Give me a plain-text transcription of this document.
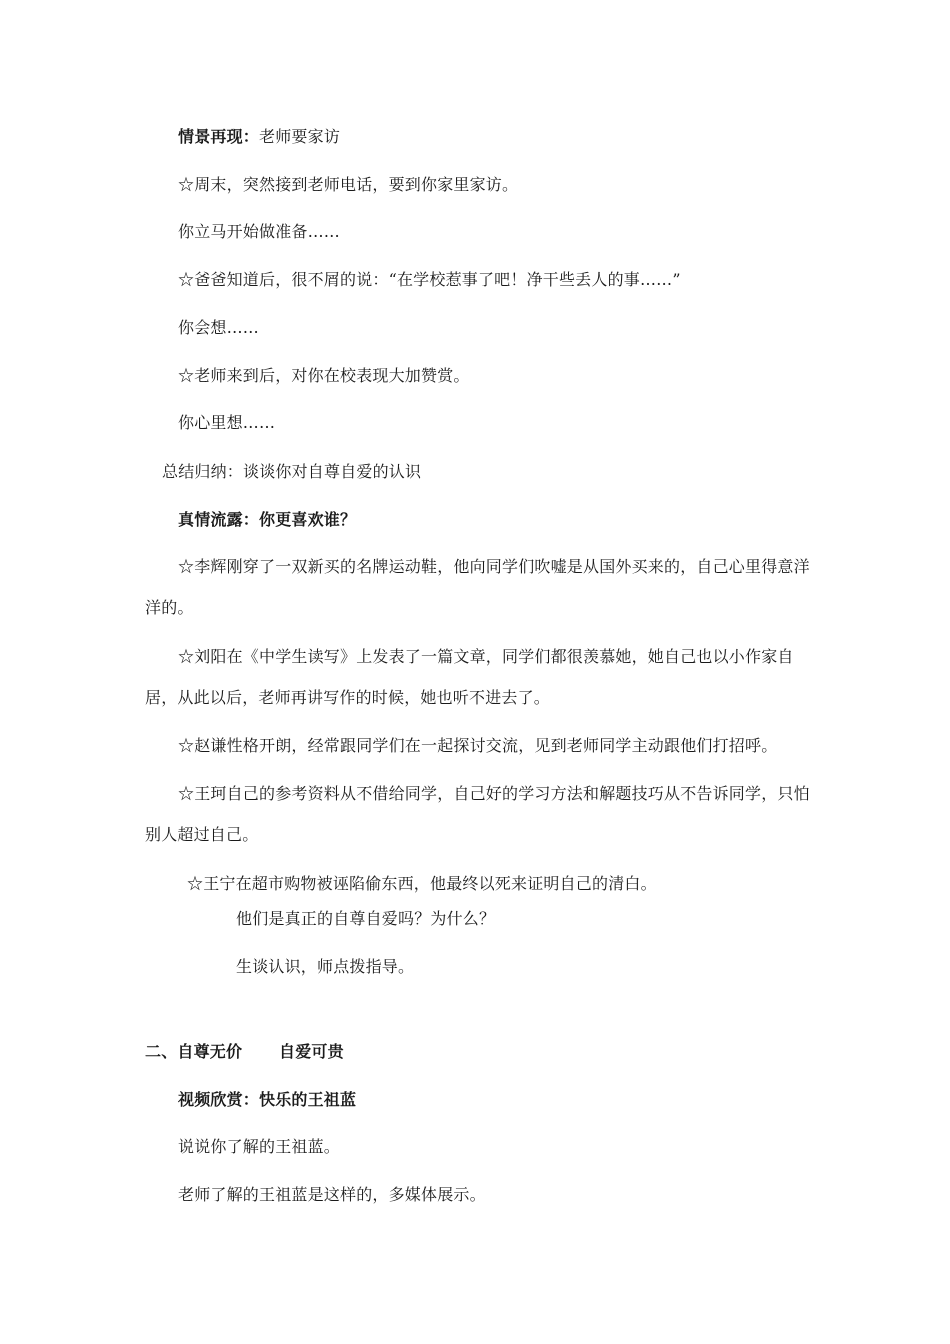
情景再现：老师要家访
☆周末，突然接到老师电话，要到你家里家访。
你立马开始做准备……
☆爸爸知道后，很不屑的说：“在学校惹事了吧！净干些丢人的事……”
你会想……
☆老师来到后，对你在校表现大加赞赏。
你心里想……
总结归纳：谈谈你对自尊自爱的认识
真情流露：你更喜欢谁？
☆李辉刚穿了一双新买的名牌运动鞋，他向同学们吹嘘是从国外买来的，自己心里得意洋洋的。
☆刘阳在《中学生读写》上发表了一篇文章，同学们都很羡慕她，她自己也以小作家自居，从此以后，老师再讲写作的时候，她也听不进去了。
☆赵谦性格开朗，经常跟同学们在一起探讨交流，见到老师同学主动跟他们打招呼。
☆王珂自己的参考资料从不借给同学，自己好的学习方法和解题技巧从不告诉同学，只怕别人超过自己。
☆王宁在超市购物被诬陷偷东西，他最终以死来证明自己的清白。
他们是真正的自尊自爱吗？为什么？
生谈认识，师点拨指导。
二、自尊无价 自爱可贵
视频欣赏：快乐的王祖蓝
说说你了解的王祖蓝。
老师了解的王祖蓝是这样的，多媒体展示。
